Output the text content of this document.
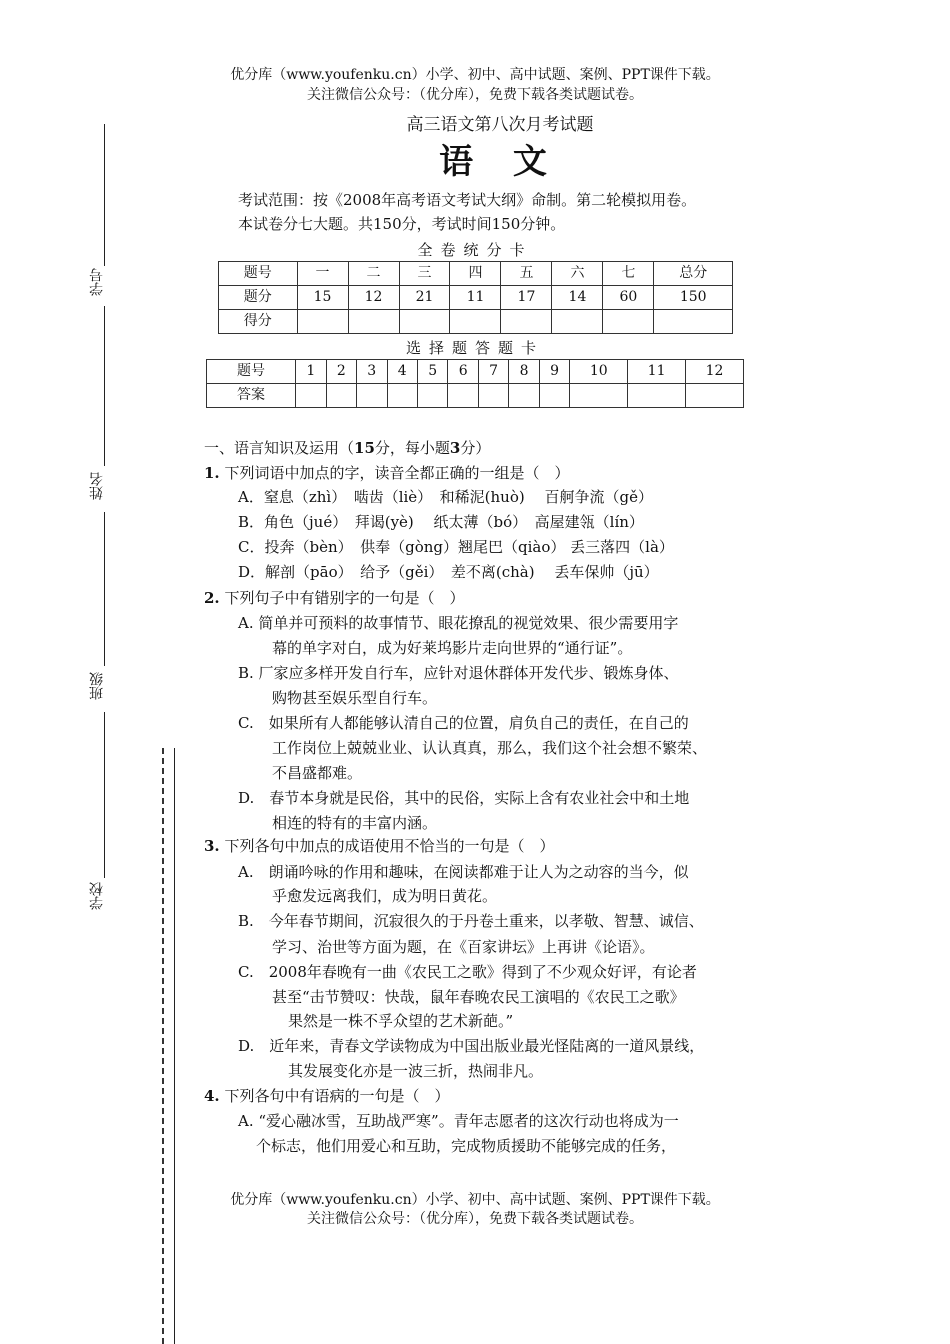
优分库（www.youfenku.cn）小学、初中、高中试题、案例、PPT课件下载。
关注微信公众号：（优分库），免费下载各类试题试卷。
学号
姓名
班级
学校
高三语文第八次月考试题
语 文
考试范围：按《2008年高考语文考试大纲》命制。第二轮模拟用卷。
本试卷分七大题。共150分，考试时间150分钟。
全卷统分卡
题号	一	二	三	四	五	六	七	总分
题分	15	12	21	11	17	14	60	150
得分								
选择题答题卡
题号	1	2	3	4	5	6	7	8	9	10	11	12
答案												
一、语言知识及运用（15分，每小题3分）
1. 下列词语中加点的字，读音全都正确的一组是（　）
A．窒息（zhì）　啮齿（liè）　和稀泥(huò)　 百舸争流（gě）
B．角色（jué）　拜谒(yè)　 纸太薄（bó）　高屋建瓴（lín）
C．投奔（bèn）　供奉（gòng）翘尾巴（qiào） 丢三落四（là）
D．解剖（pāo）　给予（gěi）　差不离(chà)　 丢车保帅（jū）
2. 下列句子中有错别字的一句是（　）
A. 简单并可预料的故事情节、眼花撩乱的视觉效果、很少需要用字
幕的单字对白，成为好莱坞影片走向世界的“通行证”。
B. 厂家应多样开发自行车，应针对退休群体开发代步、锻炼身体、
购物甚至娱乐型自行车。
C.　如果所有人都能够认清自己的位置，肩负自己的责任，在自己的
工作岗位上兢兢业业、认认真真，那么，我们这个社会想不繁荣、
不昌盛都难。
D.　春节本身就是民俗，其中的民俗，实际上含有农业社会中和土地
相连的特有的丰富内涵。
3. 下列各句中加点的成语使用不恰当的一句是（　）
A.　朗诵吟咏的作用和趣味，在阅读都难于让人为之动容的当今，似
乎愈发远离我们，成为明日黄花。
B.　今年春节期间，沉寂很久的于丹卷土重来，以孝敬、智慧、诚信、
学习、治世等方面为题，在《百家讲坛》上再讲《论语》。
C.　2008年春晚有一曲《农民工之歌》得到了不少观众好评，有论者
甚至“击节赞叹：快哉，鼠年春晚农民工演唱的《农民工之歌》
果然是一株不孚众望的艺术新葩。”
D.　近年来，青春文学读物成为中国出版业最光怪陆离的一道风景线，
其发展变化亦是一波三折，热闹非凡。
4. 下列各句中有语病的一句是（　）
A. “爱心融冰雪，互助战严寒”。青年志愿者的这次行动也将成为一
个标志，他们用爱心和互助，完成物质援助不能够完成的任务，
优分库（www.youfenku.cn）小学、初中、高中试题、案例、PPT课件下载。
关注微信公众号：（优分库），免费下载各类试题试卷。
